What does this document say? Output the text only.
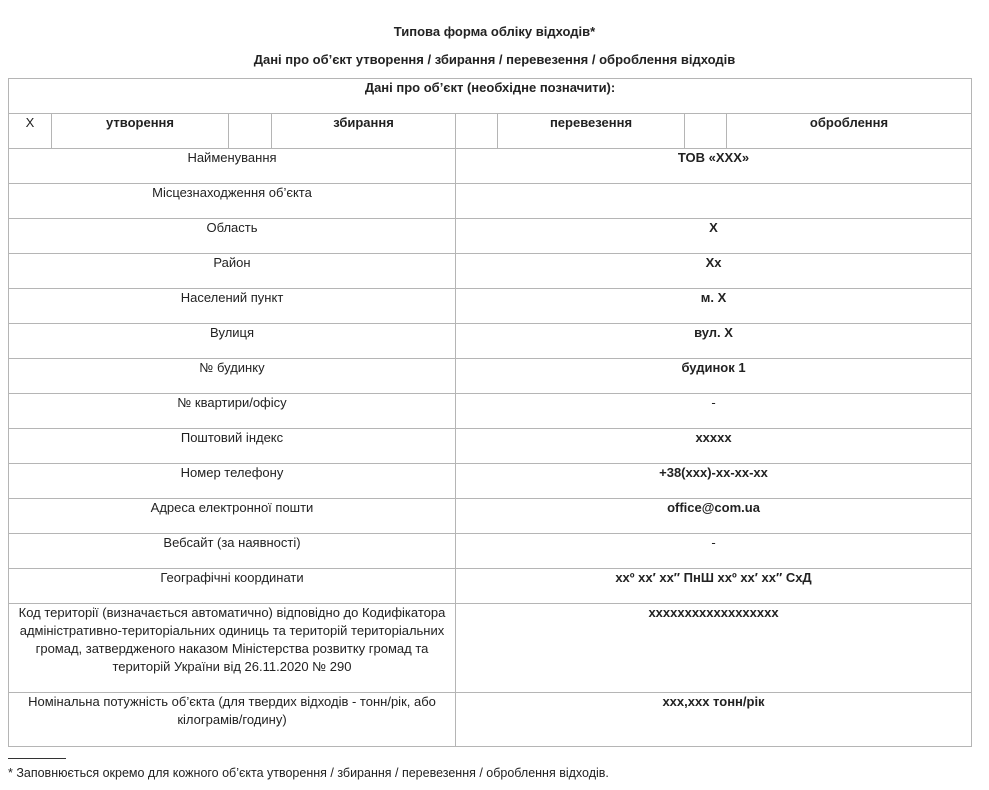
Типова форма обліку відходів*
Дані про об’єкт утворення / збирання / перевезення / оброблення відходів
Дані про об’єкт (необхідне позначити):							
Х	утворення		збирання		перевезення		оброблення
Найменування				ТОВ «ХХХ»			
Місцезнаходження об’єкта							
Область				Х			
Район				Хх			
Населений пункт				м. Х			
Вулиця				вул. Х			
№ будинку				будинок 1			
№ квартири/офісу				-			
Поштовий індекс				ххххх			
Номер телефону				+38(ххх)-хх-хх-хх			
Адреса електронної пошти				office@com.ua			
Вебсайт (за наявності)				-			
Географічні координати				ххº хх′ хх″ ПнШ ххº хх′ хх″ СхД			
Код території (визначається автоматично) відповідно до Кодифікатора адміністративно-територіальних одиниць та територій територіальних громад, затвердженого наказом Міністерства розвитку громад та територій України від 26.11.2020 № 290				хххххххххххххххххх			
Номінальна потужність об’єкта (для твердих відходів - тонн/рік, або кілограмів/годину)				ххх,ххх тонн/рік			
* Заповнюється окремо для кожного об’єкта утворення / збирання / перевезення / оброблення відходів.
